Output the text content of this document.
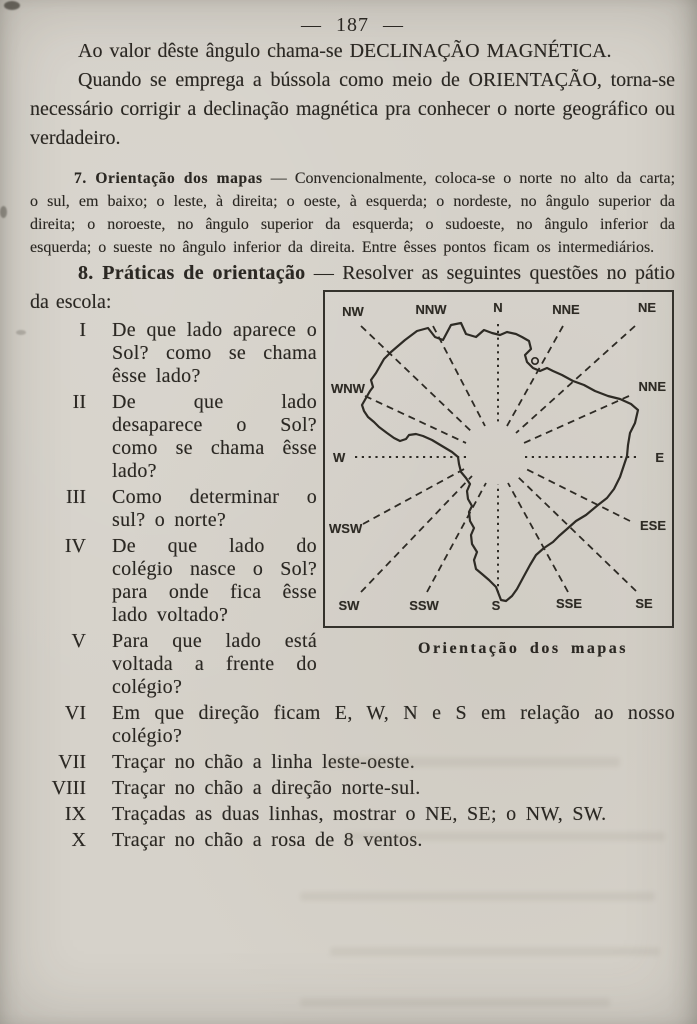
— 187 —

Ao valor dêste ângulo chama-se DECLINAÇÃO MAGNÉTICA.

Quando se emprega a bússola como meio de ORIENTAÇÃO, torna-se necessário corrigir a declinação magnética pra conhecer o norte geográfico ou verdadeiro.

7. Orientação dos mapas — Convencionalmente, coloca-se o norte no alto da carta; o sul, em baixo; o leste, à direita; o oeste, à esquerda; o nordeste, no ângulo superior da direita; o noroeste, no ângulo superior da esquerda; o sudoeste, no ângulo inferior da esquerda; o sueste no ângulo inferior da direita. Entre êsses pontos ficam os intermediários.

8. Práticas de orientação — Resolver as seguintes
NW	NNW	N	NNE	NE
WNW	NNE
W	E
WSW	ESE
SW	SSW	S	SSE	SE
Orientação dos mapas
questões no pátio da escola:

I De que lado aparece o Sol? como se chama êsse lado?
II De que lado desaparece o Sol? como se chama êsse lado?
III Como determinar o sul? o norte?
IV De que lado do colégio nasce o Sol? para onde fica êsse lado voltado?
V Para que lado está voltada a frente do colégio?
VI Em que direção ficam E, W, N e S em relação ao nosso colégio?
VII Traçar no chão a linha leste-oeste.
VIII Traçar no chão a direção norte-sul.
IX Traçadas as duas linhas, mostrar o NE, SE; o NW, SW.
X Traçar no chão a rosa de 8 ventos.
